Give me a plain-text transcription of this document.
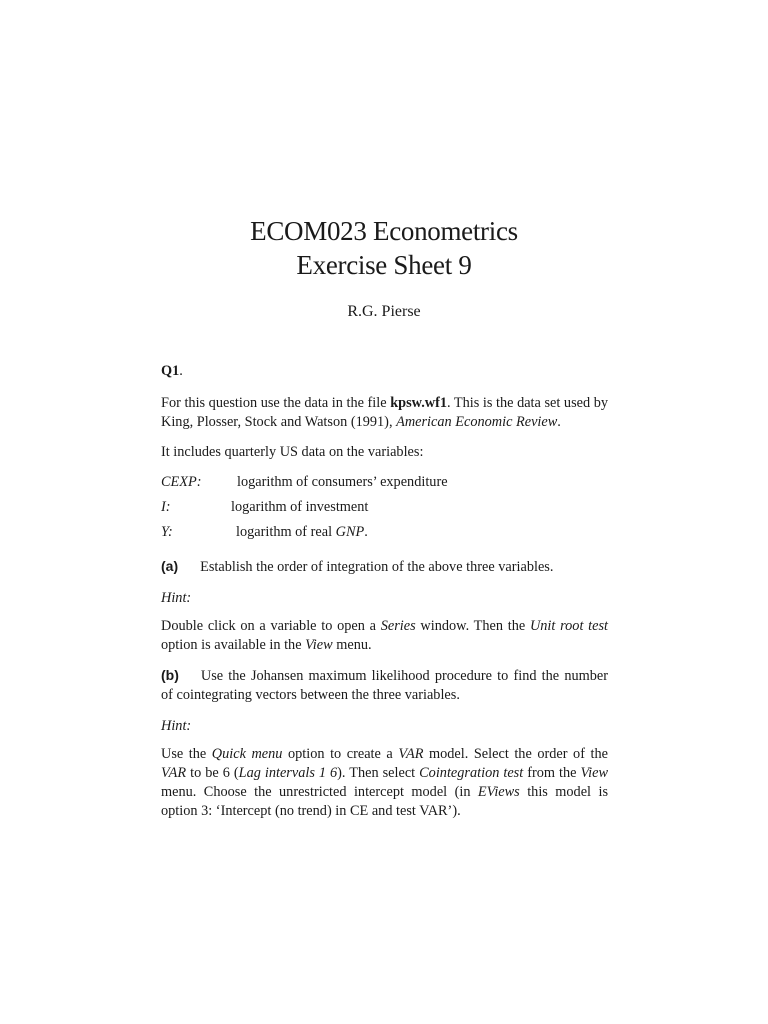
ECOM023 Econometrics
Exercise Sheet 9
R.G. Pierse
Q1.

For this question use the data in the file kpsw.wf1. This is the data set used by King, Plosser, Stock and Watson (1991), American Economic Review.

It includes quarterly US data on the variables:

CEXP:	logarithm of consumers’ expenditure
I:	logarithm of investment
Y:	logarithm of real GNP.

(a) Establish the order of integration of the above three variables.

Hint:

Double click on a variable to open a Series window. Then the Unit root test option is available in the View menu.

(b) Use the Johansen maximum likelihood procedure to find the number of cointegrating vectors between the three variables.

Hint:

Use the Quick menu option to create a VAR model. Select the order of the VAR to be 6 (Lag intervals 1 6). Then select Cointegration test from the View menu. Choose the unrestricted intercept model (in EViews this model is option 3: ‘Intercept (no trend) in CE and test VAR’).
